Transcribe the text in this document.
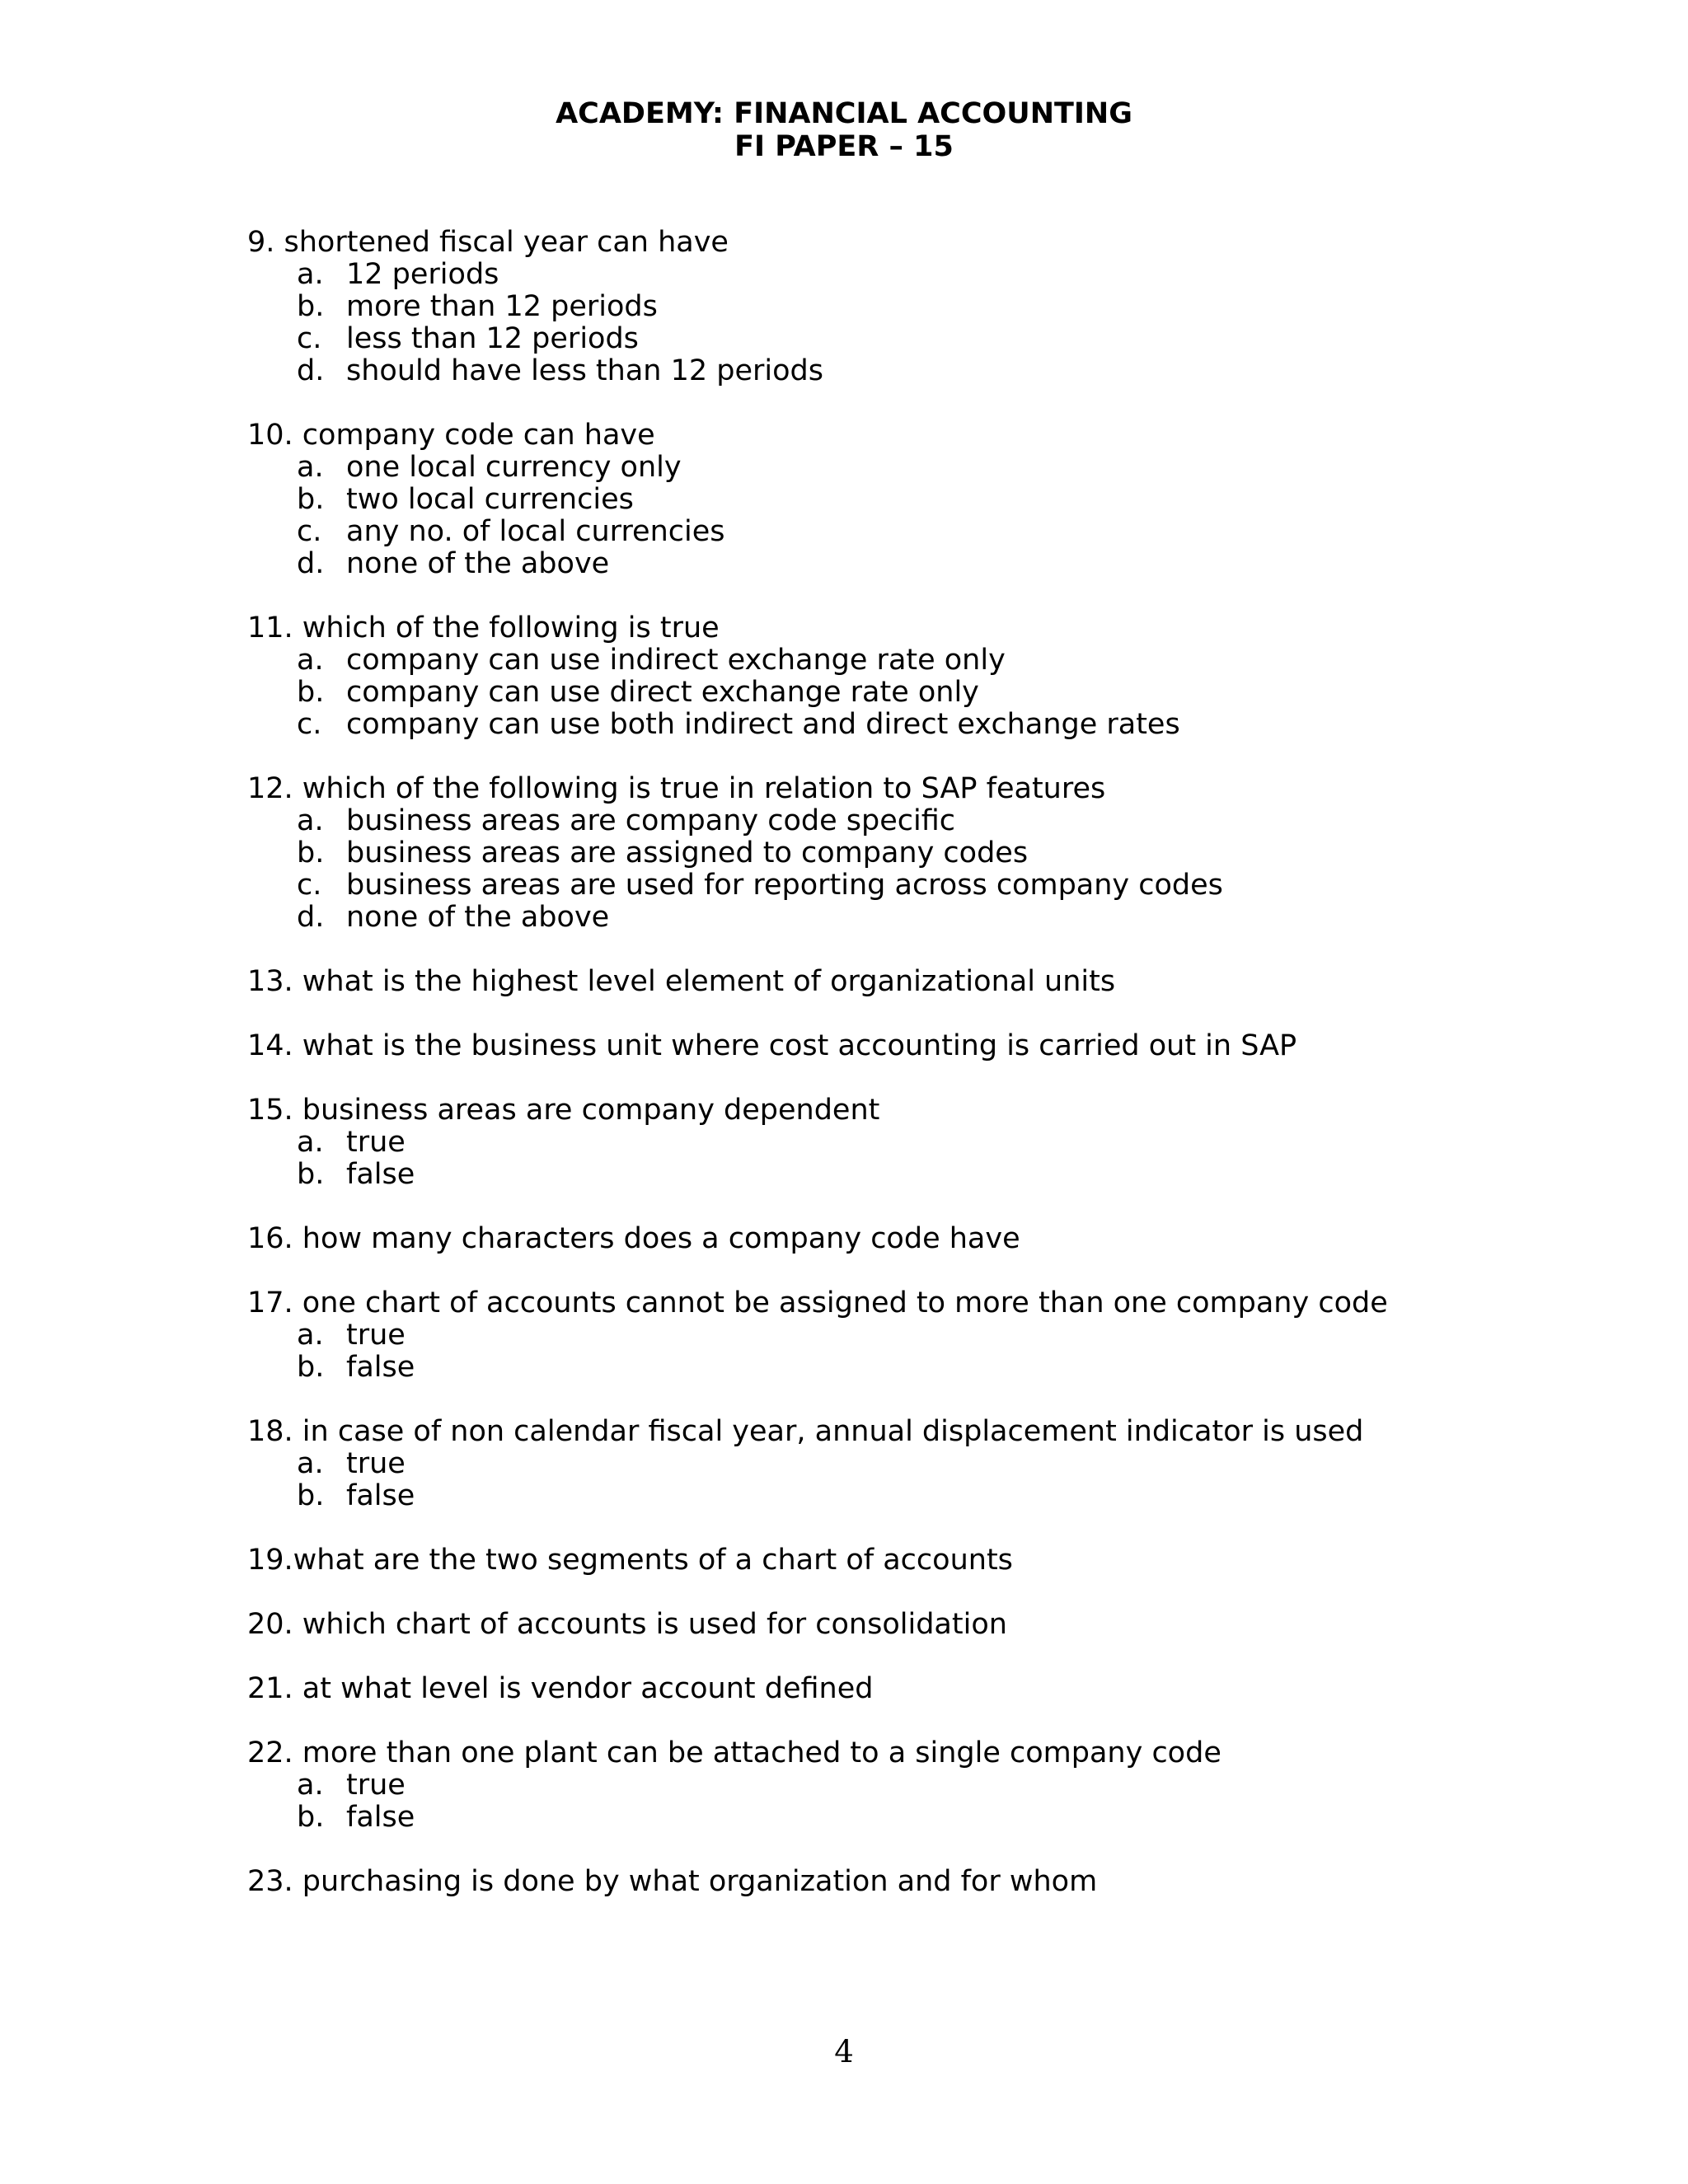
ACADEMY: FINANCIAL ACCOUNTING
FI PAPER – 15
9. shortened fiscal year can have
a. 12 periods
b. more than 12 periods
c. less than 12 periods
d. should have less than 12 periods
10. company code can have
a. one local currency only
b. two local currencies
c. any no. of local currencies
d. none of the above
11. which of the following is true
a. company can use indirect exchange rate only
b. company can use direct exchange rate only
c. company can use both indirect and direct exchange rates
12. which of the following is true in relation to SAP features
a. business areas are company code specific
b. business areas are assigned to company codes
c. business areas are used for reporting across company codes
d. none of the above
13. what is the highest level element of organizational units
14. what is the business unit where cost accounting is carried out in SAP
15. business areas are company dependent
a. true
b. false
16. how many characters does a company code have
17. one chart of accounts cannot be assigned to more than one company code
a. true
b. false
18. in case of non calendar fiscal year, annual displacement indicator is used
a. true
b. false
19.what are the two segments of a chart of accounts
20. which chart of accounts is used for consolidation
21. at what level is vendor account defined
22. more than one plant can be attached to a single company code
a. true
b. false
23. purchasing is done by what organization and for whom
4
